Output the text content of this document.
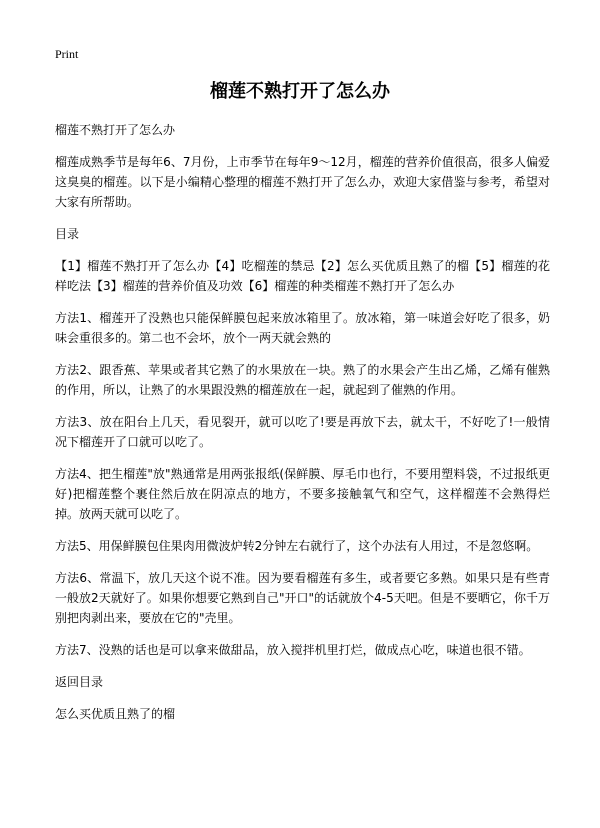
Print
榴莲不熟打开了怎么办

榴莲不熟打开了怎么办

榴莲成熟季节是每年6、7月份，上市季节在每年9～12月，榴莲的营养价值很高，很多人偏爱这臭臭的榴莲。以下是小编精心整理的榴莲不熟打开了怎么办，欢迎大家借鉴与参考，希望对大家有所帮助。

目录

【1】榴莲不熟打开了怎么办【4】吃榴莲的禁忌【2】怎么买优质且熟了的榴【5】榴莲的花样吃法【3】榴莲的营养价值及功效【6】榴莲的种类榴莲不熟打开了怎么办

方法1、榴莲开了没熟也只能保鲜膜包起来放冰箱里了。放冰箱，第一味道会好吃了很多，奶味会重很多的。第二也不会坏，放个一两天就会熟的

方法2、跟香蕉、苹果或者其它熟了的水果放在一块。熟了的水果会产生出乙烯，乙烯有催熟的作用，所以，让熟了的水果跟没熟的榴莲放在一起，就起到了催熟的作用。

方法3、放在阳台上几天，看见裂开，就可以吃了!要是再放下去，就太干，不好吃了!一般情况下榴莲开了口就可以吃了。

方法4、把生榴莲"放"熟通常是用两张报纸(保鲜膜、厚毛巾也行，不要用塑料袋，不过报纸更好)把榴莲整个裹住然后放在阴凉点的地方，不要多接触氧气和空气，这样榴莲不会熟得烂掉。放两天就可以吃了。

方法5、用保鲜膜包住果肉用微波炉转2分钟左右就行了，这个办法有人用过，不是忽悠啊。

方法6、常温下，放几天这个说不准。因为要看榴莲有多生，或者要它多熟。如果只是有些青一般放2天就好了。如果你想要它熟到自己"开口"的话就放个4-5天吧。但是不要晒它，你千万别把肉剥出来，要放在它的"壳里。

方法7、没熟的话也是可以拿来做甜品，放入搅拌机里打烂，做成点心吃，味道也很不错。

返回目录

怎么买优质且熟了的榴
